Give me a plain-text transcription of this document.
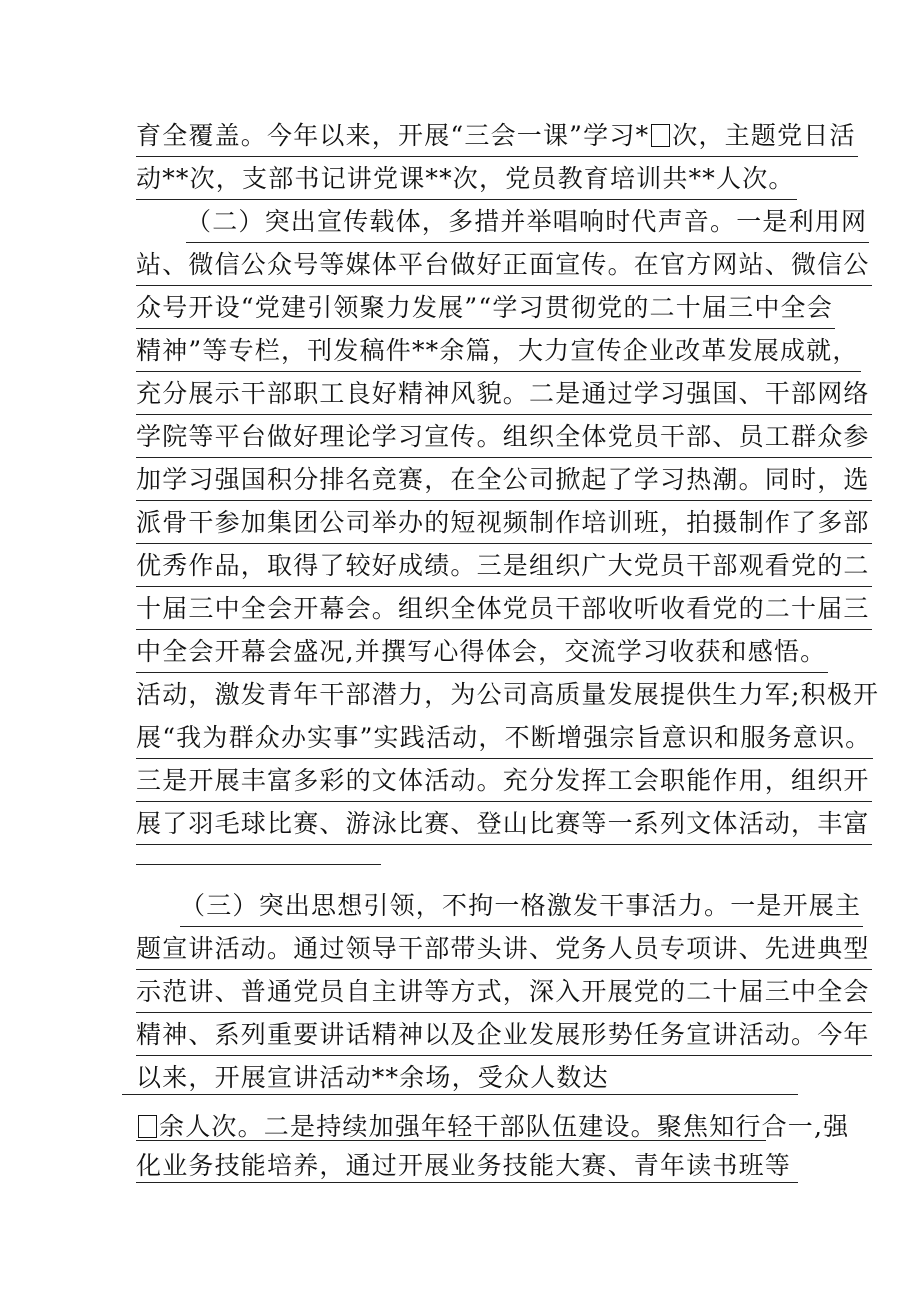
育全覆盖。今年以来，开展“三会一课”学习* 次，主题党日活
动**次，支部书记讲党课**次，党员教育培训共**人次。
（二）突出宣传载体，多措并举唱响时代声音。一是利用网
站、微信公众号等媒体平台做好正面宣传。在官方网站、微信公
众号开设“党建引领聚力发展”“学习贯彻党的二十届三中全会
精神”等专栏，刊发稿件**余篇，大力宣传企业改革发展成就，
充分展示干部职工良好精神风貌。二是通过学习强国、干部网络
学院等平台做好理论学习宣传。组织全体党员干部、员工群众参
加学习强国积分排名竞赛，在全公司掀起了学习热潮。同时，选
派骨干参加集团公司举办的短视频制作培训班，拍摄制作了多部
优秀作品，取得了较好成绩。三是组织广大党员干部观看党的二
十届三中全会开幕会。组织全体党员干部收听收看党的二十届三
中全会开幕会盛况,并撰写心得体会，交流学习收获和感悟。
活动，激发青年干部潜力，为公司高质量发展提供生力军;积极开
展“我为群众办实事”实践活动，不断增强宗旨意识和服务意识。
三是开展丰富多彩的文体活动。充分发挥工会职能作用，组织开
展了羽毛球比赛、游泳比赛、登山比赛等一系列文体活动，丰富
（三）突出思想引领，不拘一格激发干事活力。一是开展主
题宣讲活动。通过领导干部带头讲、党务人员专项讲、先进典型
示范讲、普通党员自主讲等方式，深入开展党的二十届三中全会
精神、系列重要讲话精神以及企业发展形势任务宣讲活动。今年
以来，开展宣讲活动**余场，受众人数达
余人次。二是持续加强年轻干部队伍建设。聚焦知行合一,强
化业务技能培养，通过开展业务技能大赛、青年读书班等
